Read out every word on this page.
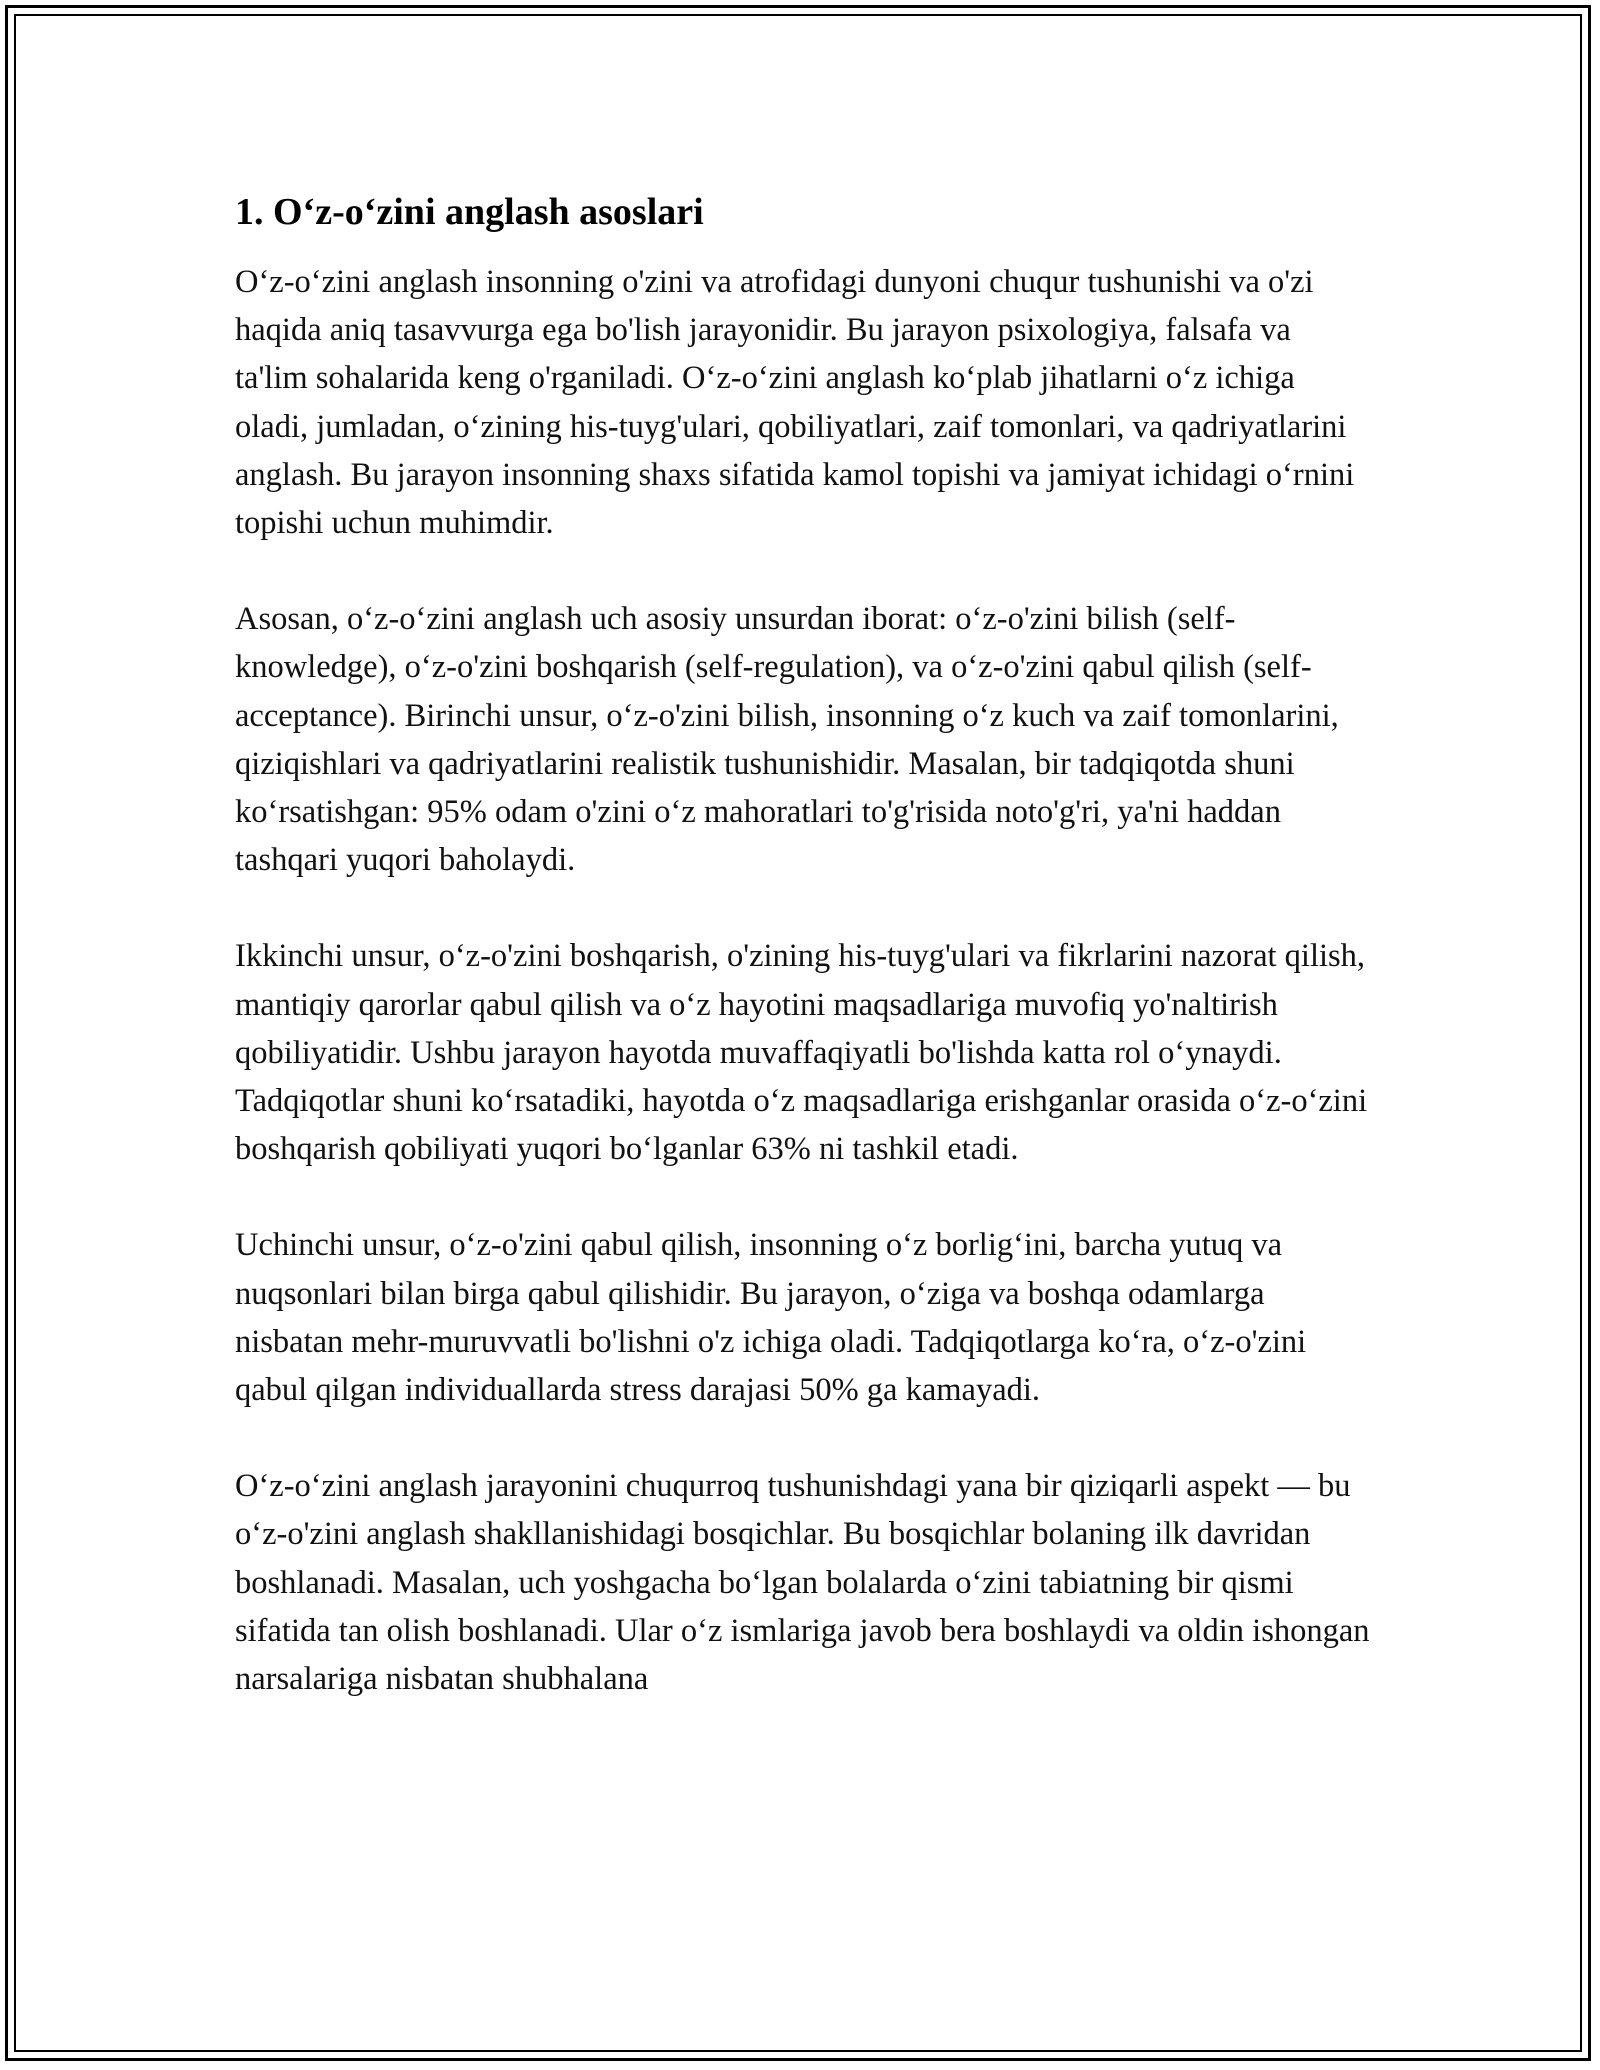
1. O‘z-o‘zini anglash asoslari

O‘z-o‘zini anglash insonning o'zini va atrofidagi dunyoni chuqur tushunishi va o'zi haqida aniq tasavvurga ega bo'lish jarayonidir. Bu jarayon psixologiya, falsafa va ta'lim sohalarida keng o'rganiladi. O‘z-o‘zini anglash ko‘plab jihatlarni o‘z ichiga oladi, jumladan, o‘zining his-tuyg'ulari, qobiliyatlari, zaif tomonlari, va qadriyatlarini anglash. Bu jarayon insonning shaxs sifatida kamol topishi va jamiyat ichidagi o‘rnini topishi uchun muhimdir.

Asosan, o‘z-o‘zini anglash uch asosiy unsurdan iborat: o‘z-o'zini bilish (self-knowledge), o‘z-o'zini boshqarish (self-regulation), va o‘z-o'zini qabul qilish (self-acceptance). Birinchi unsur, o‘z-o'zini bilish, insonning o‘z kuch va zaif tomonlarini, qiziqishlari va qadriyatlarini realistik tushunishidir. Masalan, bir tadqiqotda shuni ko‘rsatishgan: 95% odam o'zini o‘z mahoratlari to'g'risida noto'g'ri, ya'ni haddan tashqari yuqori baholaydi.

Ikkinchi unsur, o‘z-o'zini boshqarish, o'zining his-tuyg'ulari va fikrlarini nazorat qilish, mantiqiy qarorlar qabul qilish va o‘z hayotini maqsadlariga muvofiq yo'naltirish qobiliyatidir. Ushbu jarayon hayotda muvaffaqiyatli bo'lishda katta rol o‘ynaydi. Tadqiqotlar shuni ko‘rsatadiki, hayotda o‘z maqsadlariga erishganlar orasida o‘z-o‘zini boshqarish qobiliyati yuqori bo‘lganlar 63% ni tashkil etadi.

Uchinchi unsur, o‘z-o'zini qabul qilish, insonning o‘z borlig‘ini, barcha yutuq va nuqsonlari bilan birga qabul qilishidir. Bu jarayon, o‘ziga va boshqa odamlarga nisbatan mehr-muruvvatli bo'lishni o'z ichiga oladi. Tadqiqotlarga ko‘ra, o‘z-o'zini qabul qilgan individuallarda stress darajasi 50% ga kamayadi.

O‘z-o‘zini anglash jarayonini chuqurroq tushunishdagi yana bir qiziqarli aspekt — bu o‘z-o'zini anglash shakllanishidagi bosqichlar. Bu bosqichlar bolaning ilk davridan boshlanadi. Masalan, uch yoshgacha bo‘lgan bolalarda o‘zini tabiatning bir qismi sifatida tan olish boshlanadi. Ular o‘z ismlariga javob bera boshlaydi va oldin ishongan narsalariga nisbatan shubhalana
